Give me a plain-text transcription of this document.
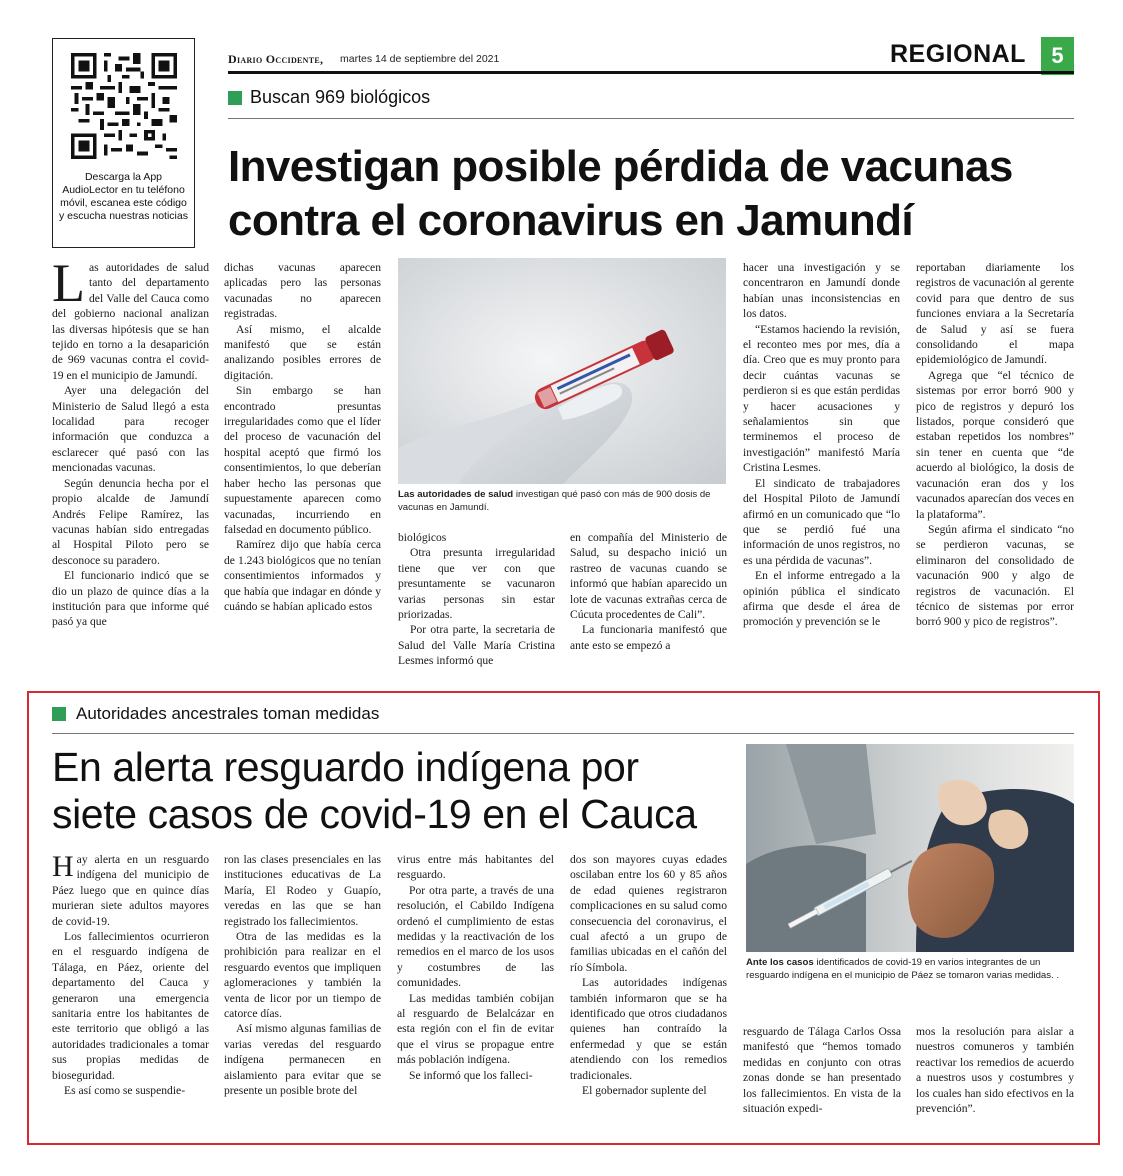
Descarga la App AudioLector en tu teléfono móvil, escanea este código y escucha nuestras noticias
Diario Occidente, martes 14 de septiembre del 2021	REGIONAL	5
Buscan 969 biológicos
Investigan posible pérdida de vacunas
contra el coronavirus en Jamundí
L as autoridades de salud tanto del departamento del Valle del Cauca como del gobierno nacional analizan las diversas hipótesis que se han tejido en torno a la desaparición de 969 vacunas contra el covid-19 en el municipio de Jamundí.

Ayer una delegación del Ministerio de Salud llegó a esta localidad para recoger información que conduzca a esclarecer qué pasó con las mencionadas vacunas.

Según denuncia hecha por el propio alcalde de Jamundí Andrés Felipe Ramírez, las vacunas habían sido entregadas al Hospital Piloto pero se desconoce su paradero.

El funcionario indicó que se dio un plazo de quince días a la institución para que informe qué pasó ya que

dichas vacunas aparecen aplicadas pero las personas vacunadas no aparecen registradas.

Así mismo, el alcalde manifestó que se están analizando posibles errores de digitación.

Sin embargo se han encontrado presuntas irregularidades como que el líder del proceso de vacunación del hospital aceptó que firmó los consentimientos, lo que deberían haber hecho las personas que supuestamente aparecen como vacunadas, incurriendo en falsedad en documento público.

Ramírez dijo que había cerca de 1.243 biológicos que no tenían consentimientos informados y que había que indagar en dónde y cuándo se habían aplicado estos

Las autoridades de salud investigan qué pasó con más de 900 dosis de vacunas en Jamundí.

biológicos

Otra presunta irregularidad tiene que ver con que presuntamente se vacunaron varias personas sin estar priorizadas.

Por otra parte, la secretaria de Salud del Valle María Cristina Lesmes informó que

en compañía del Ministerio de Salud, su despacho inició un rastreo de vacunas cuando se informó que habían aparecido un lote de vacunas extrañas cerca de Cúcuta procedentes de Cali”.

La funcionaria manifestó que ante esto se empezó a

hacer una investigación y se concentraron en Jamundí donde habían unas inconsistencias en los datos.

“Estamos haciendo la revisión, el reconteo mes por mes, día a día. Creo que es muy pronto para decir cuántas vacunas se perdieron si es que están perdidas y hacer acusaciones y señalamientos sin que terminemos el proceso de investigación” manifestó María Cristina Lesmes.

El sindicato de trabajadores del Hospital Piloto de Jamundí afirmó en un comunicado que “lo que se perdió fué una información de unos registros, no es una pérdida de vacunas”.

En el informe entregado a la opinión pública el sindicato afirma que desde el área de promoción y prevención se le

reportaban diariamente los registros de vacunación al gerente covid para que dentro de sus funciones enviara a la Secretaría de Salud y así se fuera consolidando el mapa epidemiológico de Jamundí.

Agrega que “el técnico de sistemas por error borró 900 y pico de registros y depuró los listados, porque consideró que estaban repetidos los nombres” sin tener en cuenta que “de acuerdo al biológico, la dosis de vacunación eran dos y los vacunados aparecían dos veces en la plataforma”.

Según afirma el sindicato “no se perdieron vacunas, se eliminaron del consolidado de vacunación 900 y algo de registros de vacunación. El técnico de sistemas por error borró 900 y pico de registros”.

Autoridades ancestrales toman medidas
En alerta resguardo indígena por
siete casos de covid-19 en el Cauca
Ante los casos identificados de covid-19 en varios integrantes de un resguardo indígena en el municipio de Páez se tomaron varias medidas. .
H ay alerta en un resguardo indígena del municipio de Páez luego que en quince días murieran siete adultos mayores de covid-19.

Los fallecimientos ocurrieron en el resguardo indígena de Tálaga, en Páez, oriente del departamento del Cauca y generaron una emergencia sanitaria entre los habitantes de este territorio que obligó a las autoridades tradicionales a tomar sus propias medidas de bioseguridad.

Es así como se suspendie-

ron las clases presenciales en las instituciones educativas de La María, El Rodeo y Guapío, veredas en las que se han registrado los fallecimientos.

Otra de las medidas es la prohibición para realizar en el resguardo eventos que impliquen aglomeraciones y también la venta de licor por un tiempo de catorce días.

Así mismo algunas familias de varias veredas del resguardo indígena permanecen en aislamiento para evitar que se presente un posible brote del

virus entre más habitantes del resguardo.

Por otra parte, a través de una resolución, el Cabildo Indígena ordenó el cumplimiento de estas medidas y la reactivación de los remedios en el marco de los usos y costumbres de las comunidades.

Las medidas también cobijan al resguardo de Belalcázar en esta región con el fin de evitar que el virus se propague entre más población indígena.

Se informó que los falleci-

dos son mayores cuyas edades oscilaban entre los 60 y 85 años de edad quienes registraron complicaciones en su salud como consecuencia del coronavirus, el cual afectó a un grupo de familias ubicadas en el cañón del río Símbola.

Las autoridades indígenas también informaron que se ha identificado que otros ciudadanos quienes han contraído la enfermedad y que se están atendiendo con los remedios tradicionales.

El gobernador suplente del

resguardo de Tálaga Carlos Ossa manifestó que “hemos tomado medidas en conjunto con otras zonas donde se han presentado los fallecimientos. En vista de la situación expedi-

mos la resolución para aislar a nuestros comuneros y también reactivar los remedios de acuerdo a nuestros usos y costumbres y los cuales han sido efectivos en la prevención”.
